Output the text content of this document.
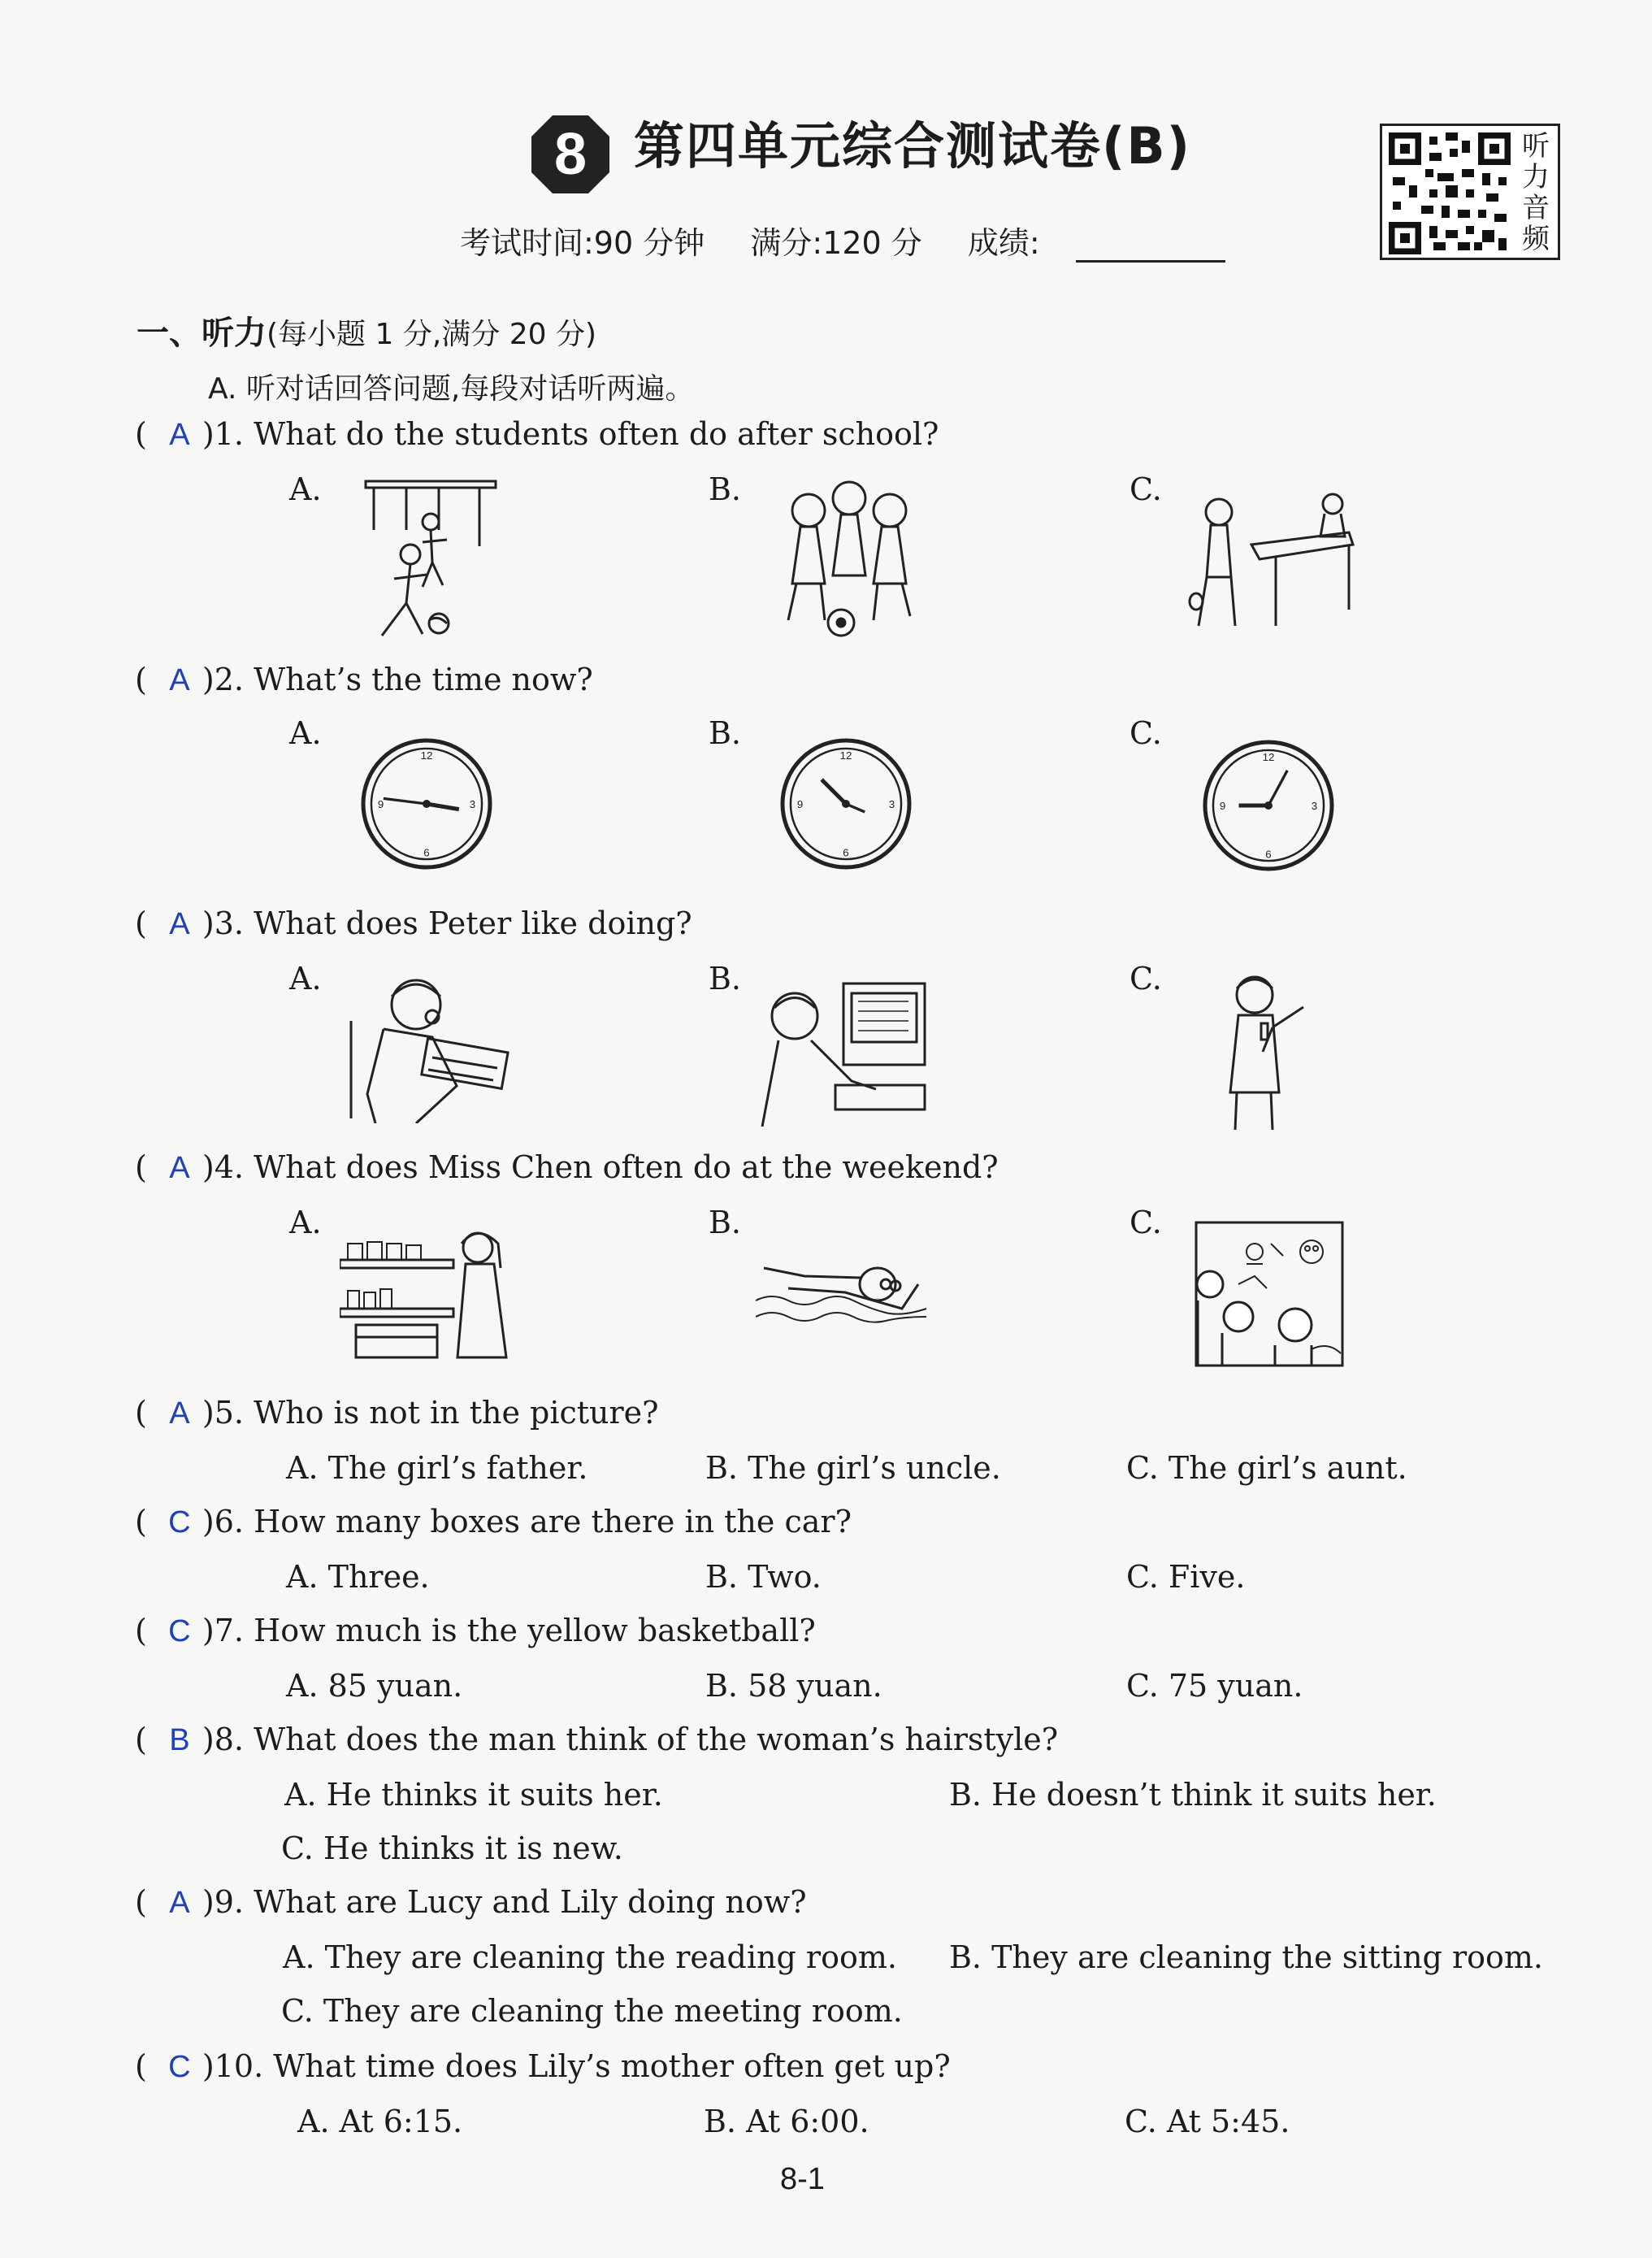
8 第四单元综合测试卷(B)	听力音频
考试时间:90 分钟 满分:120 分 成绩:
一、听力(每小题 1 分,满分 20 分)
A. 听对话回答问题,每段对话听两遍。
( A )1. What do the students often do after school?
A.	B.	C.
( A )2. What’s the time now?
A.	B.	C.
12
3
6
9
12
3
6
9
12
3
6
9
( A )3. What does Peter like doing?
A.	B.	C.
( A )4. What does Miss Chen often do at the weekend?
A.	B.	C.
( A )5. Who is not in the picture?
A. The girl’s father.	B. The girl’s uncle.	C. The girl’s aunt.
( C )6. How many boxes are there in the car?
A. Three.	B. Two.	C. Five.
( C )7. How much is the yellow basketball?
A. 85 yuan.	B. 58 yuan.	C. 75 yuan.
( B )8. What does the man think of the woman’s hairstyle?
A. He thinks it suits her.	B. He doesn’t think it suits her.
C. He thinks it is new.
( A )9. What are Lucy and Lily doing now?
A. They are cleaning the reading room. B. They are cleaning the sitting room.
C. They are cleaning the meeting room.
( C )10. What time does Lily’s mother often get up?
A. At 6:15.	B. At 6:00.	C. At 5:45.
8-1
